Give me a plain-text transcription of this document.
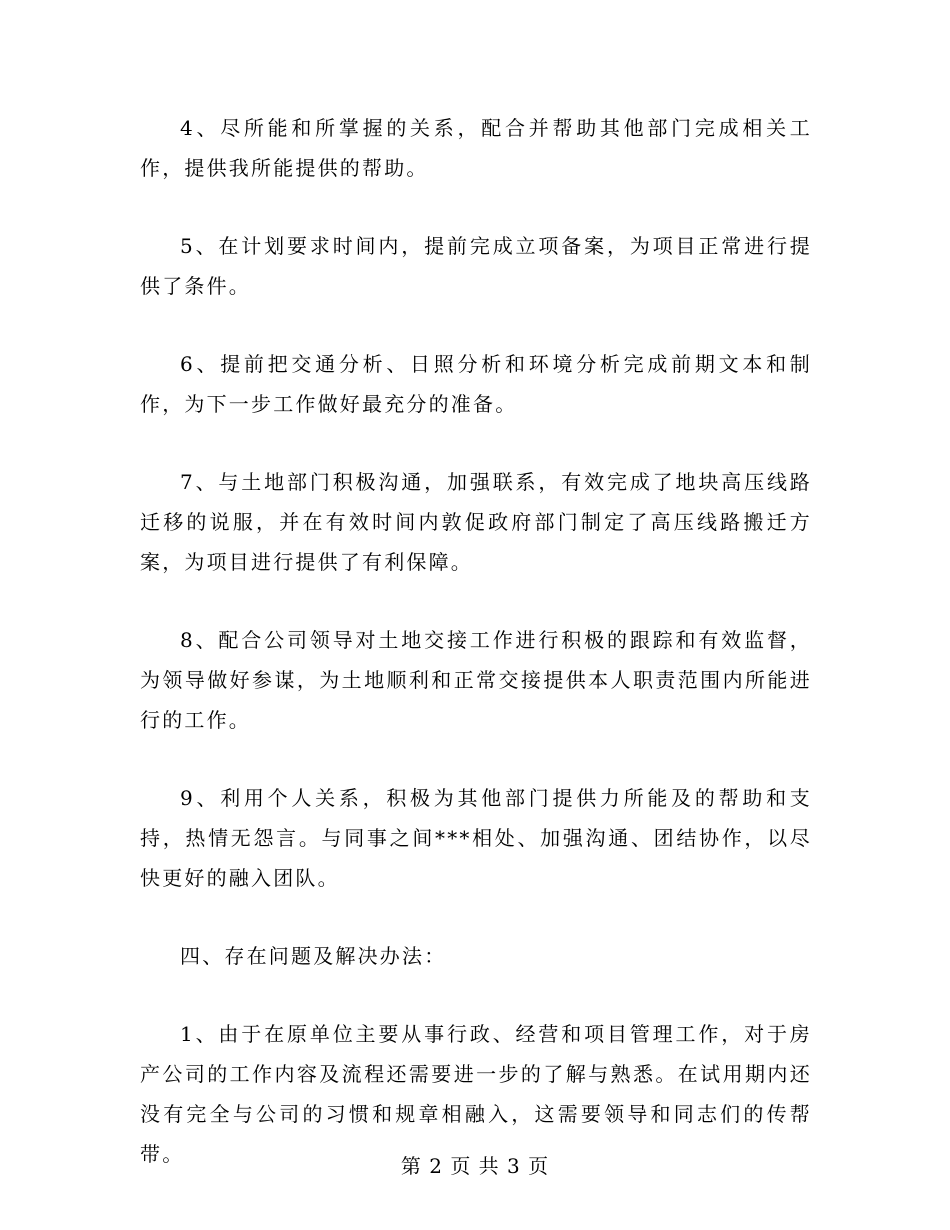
4、尽所能和所掌握的关系，配合并帮助其他部门完成相关工作，提供我所能提供的帮助。

5、在计划要求时间内，提前完成立项备案，为项目正常进行提供了条件。

6、提前把交通分析、日照分析和环境分析完成前期文本和制作，为下一步工作做好最充分的准备。

7、与土地部门积极沟通，加强联系，有效完成了地块高压线路迁移的说服，并在有效时间内敦促政府部门制定了高压线路搬迁方案，为项目进行提供了有利保障。

8、配合公司领导对土地交接工作进行积极的跟踪和有效监督，为领导做好参谋，为土地顺利和正常交接提供本人职责范围内所能进行的工作。

9、利用个人关系，积极为其他部门提供力所能及的帮助和支持，热情无怨言。与同事之间***相处、加强沟通、团结协作，以尽快更好的融入团队。

四、存在问题及解决办法：

1、由于在原单位主要从事行政、经营和项目管理工作，对于房产公司的工作内容及流程还需要进一步的了解与熟悉。在试用期内还没有完全与公司的习惯和规章相融入，这需要领导和同志们的传帮带。	第 2 页 共 3 页
